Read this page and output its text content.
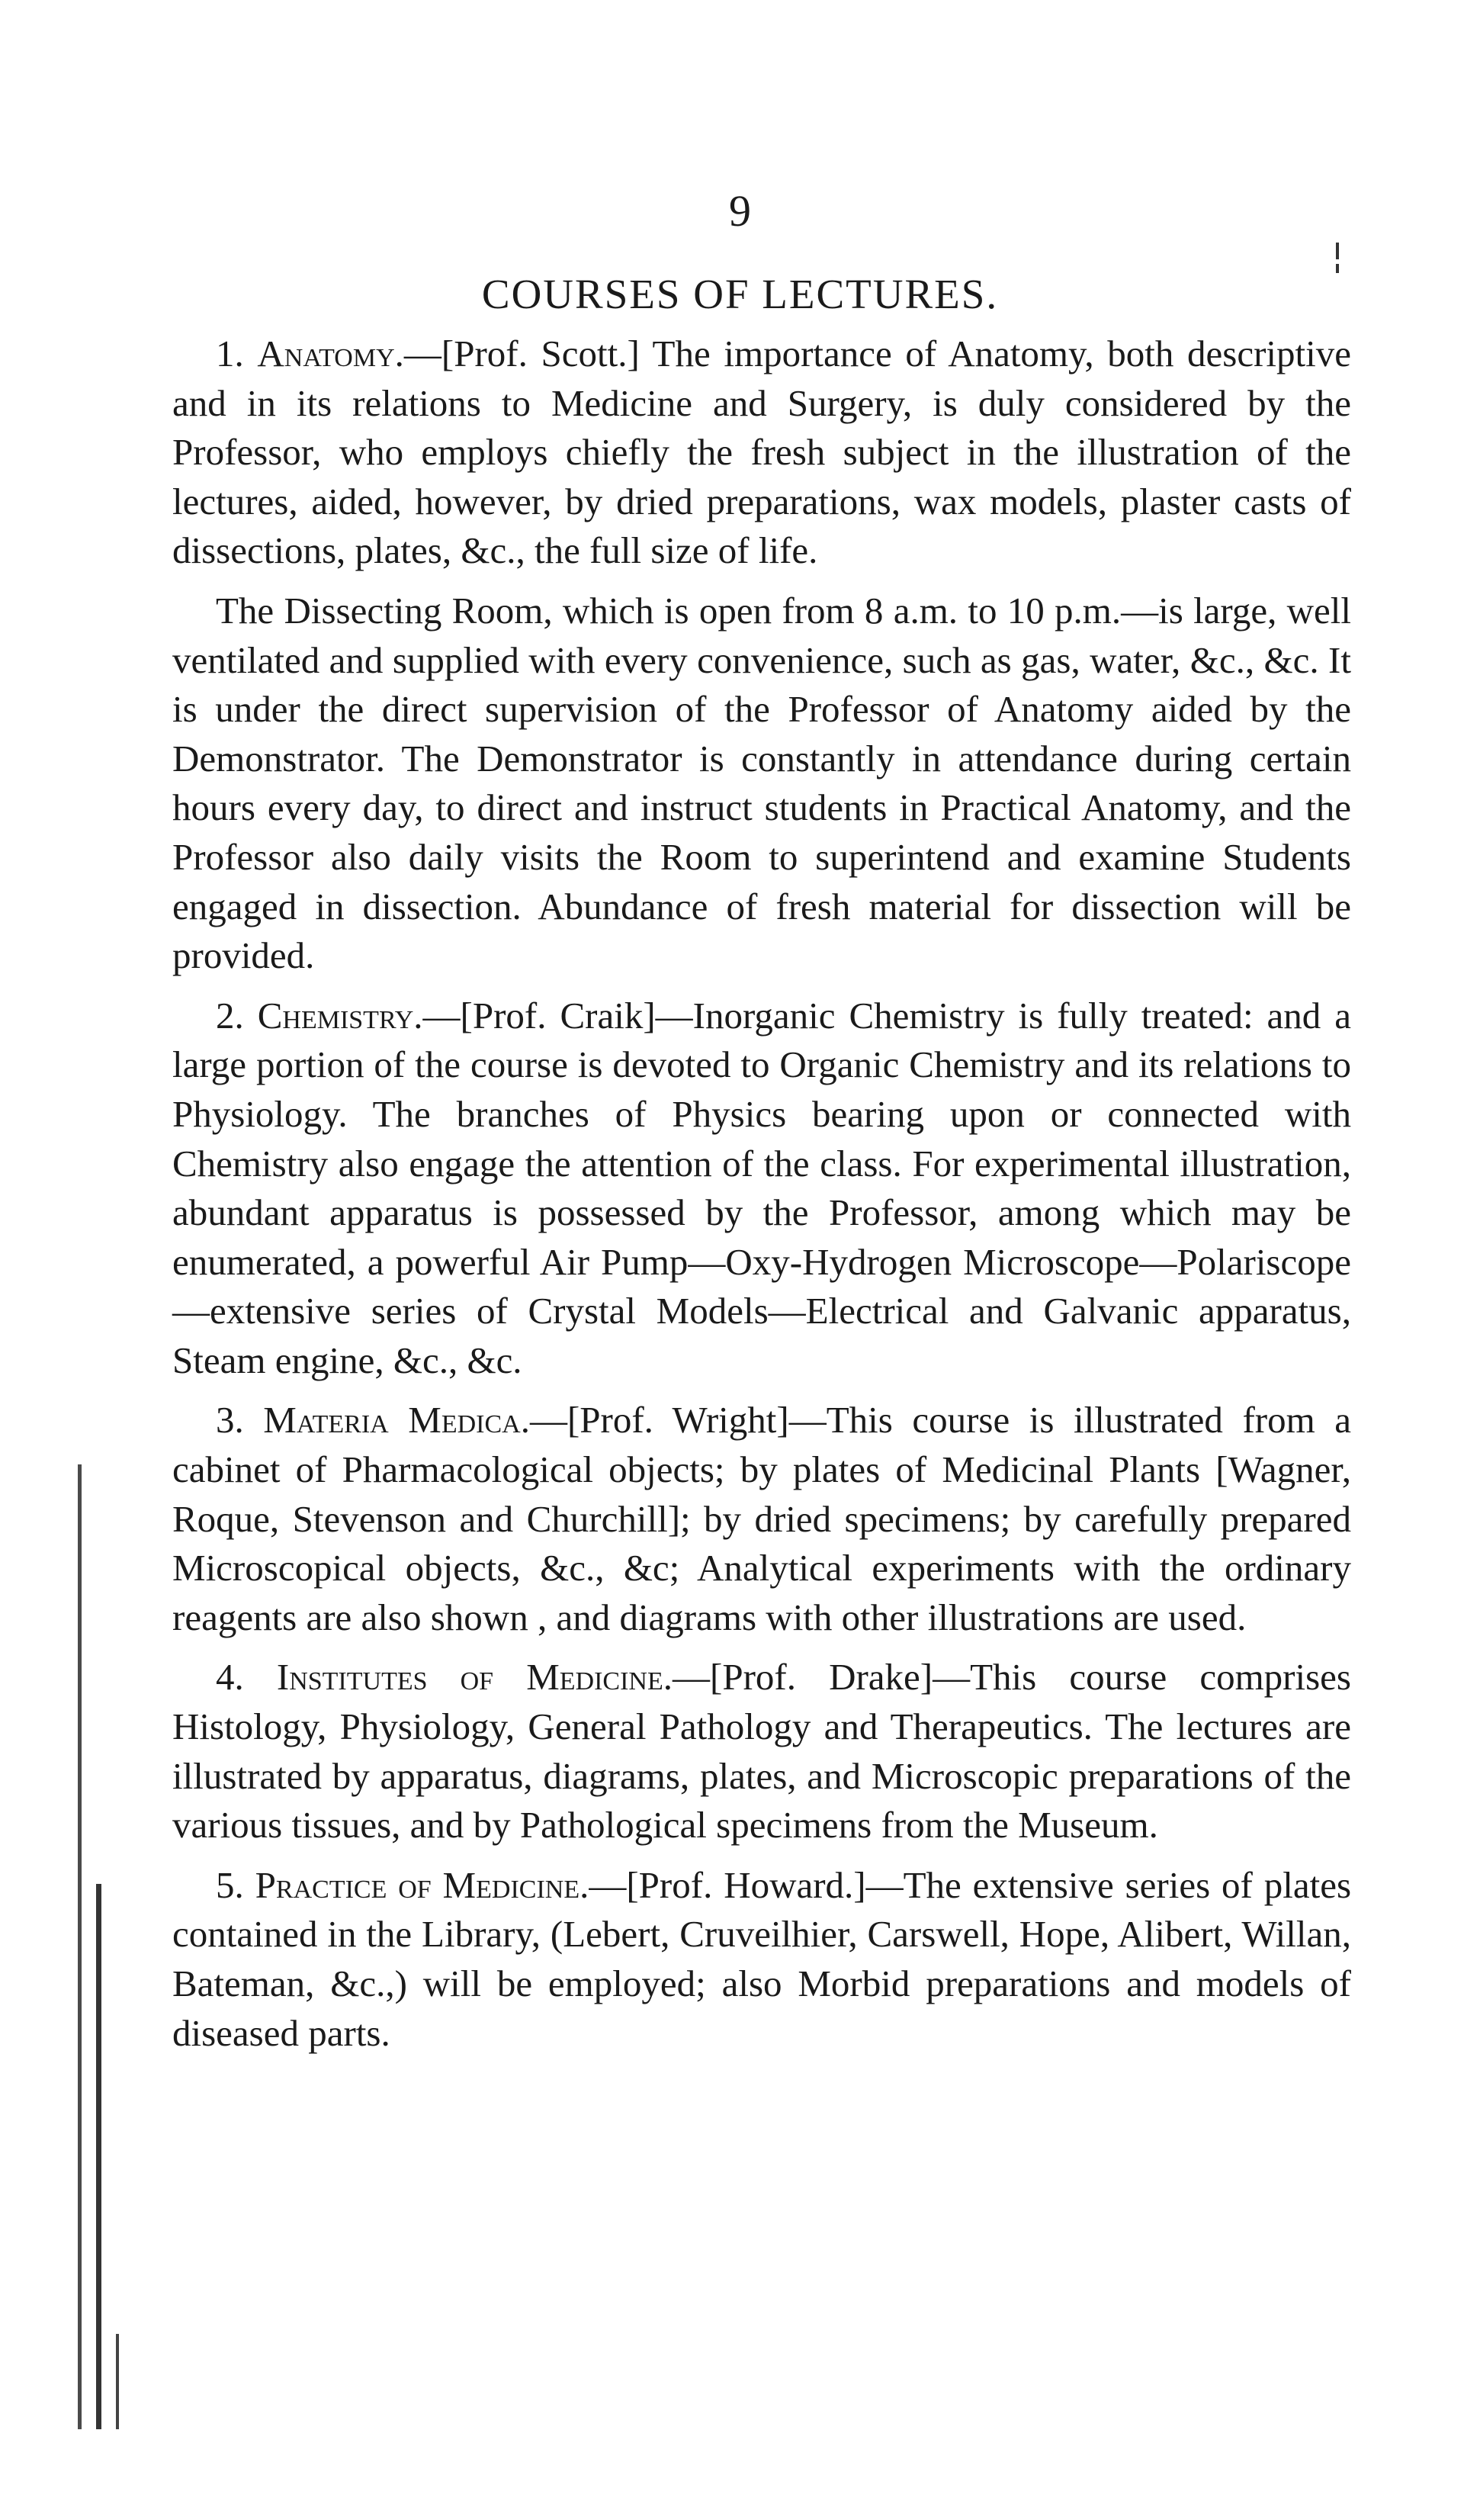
9
COURSES OF LECTURES.

1. Anatomy.—[Prof. Scott.] The importance of Anatomy, both descriptive and in its relations to Medicine and Surgery, is duly considered by the Professor, who employs chiefly the fresh subject in the illustration of the lectures, aided, however, by dried preparations, wax models, plaster casts of dissections, plates, &c., the full size of life.

The Dissecting Room, which is open from 8 a.m. to 10 p.m.—is large, well ventilated and supplied with every convenience, such as gas, water, &c., &c. It is under the direct supervision of the Professor of Anatomy aided by the Demonstrator. The Demonstrator is constantly in attendance during certain hours every day, to direct and instruct students in Practical Anatomy, and the Professor also daily visits the Room to superintend and examine Students engaged in dissection. Abundance of fresh material for dissection will be provided.

2. Chemistry.—[Prof. Craik]—Inorganic Chemistry is fully treated: and a large portion of the course is devoted to Organic Chemistry and its relations to Physiology. The branches of Physics bearing upon or connected with Chemistry also engage the attention of the class. For experimental illustration, abundant apparatus is possessed by the Professor, among which may be enumerated, a powerful Air Pump—Oxy-Hydrogen Microscope—Polariscope—extensive series of Crystal Models—Electrical and Galvanic apparatus, Steam engine, &c., &c.

3. Materia Medica.—[Prof. Wright]—This course is illustrated from a cabinet of Pharmacological objects; by plates of Medicinal Plants [Wagner, Roque, Stevenson and Churchill]; by dried specimens; by carefully prepared Microscopical objects, &c., &c; Analytical experiments with the ordinary reagents are also shown , and diagrams with other illustrations are used.

4. Institutes of Medicine.—[Prof. Drake]—This course comprises Histology, Physiology, General Pathology and Therapeutics. The lectures are illustrated by apparatus, diagrams, plates, and Microscopic preparations of the various tissues, and by Pathological specimens from the Museum.

5. Practice of Medicine.—[Prof. Howard.]—The extensive series of plates contained in the Library, (Lebert, Cruveilhier, Carswell, Hope, Alibert, Willan, Bateman, &c.,) will be employed; also Morbid preparations and models of diseased parts.
